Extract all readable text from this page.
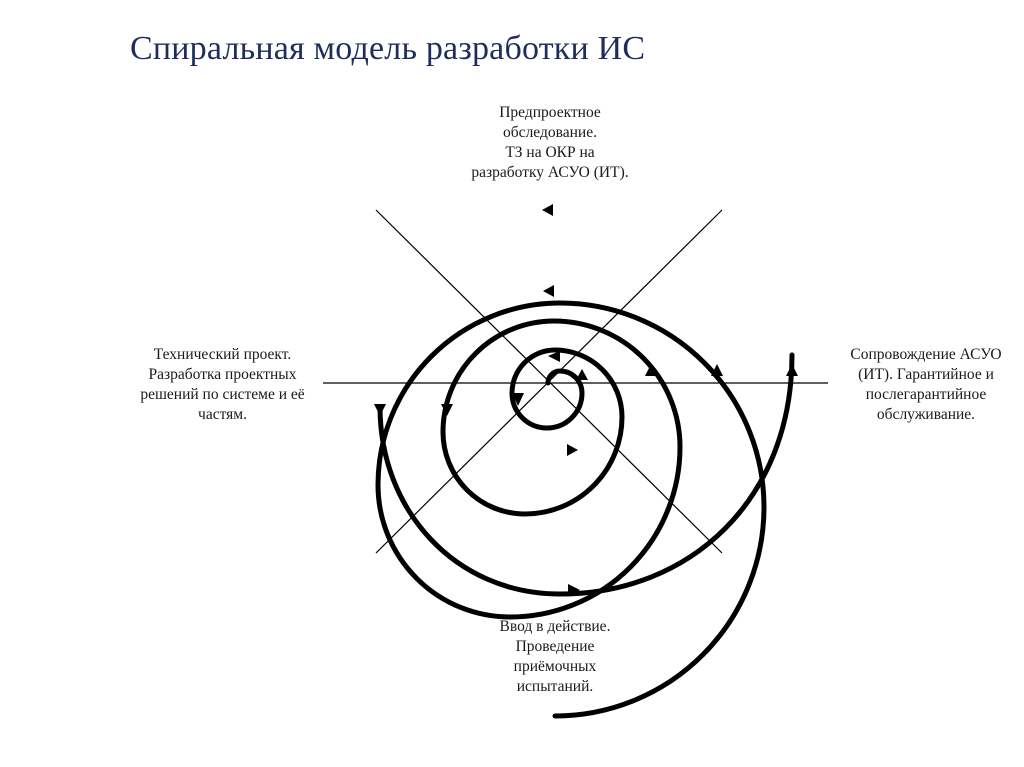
Спиральная модель разработки ИС
Предпроектное
обследование.
ТЗ на ОКР на
разработку АСУО (ИТ).
Технический проект.
Разработка проектных
решений по системе и её
частям.
Сопровождение АСУО
(ИТ). Гарантийное и
послегарантийное
обслуживание.
Ввод в действие.
Проведение
приёмочных
испытаний.
